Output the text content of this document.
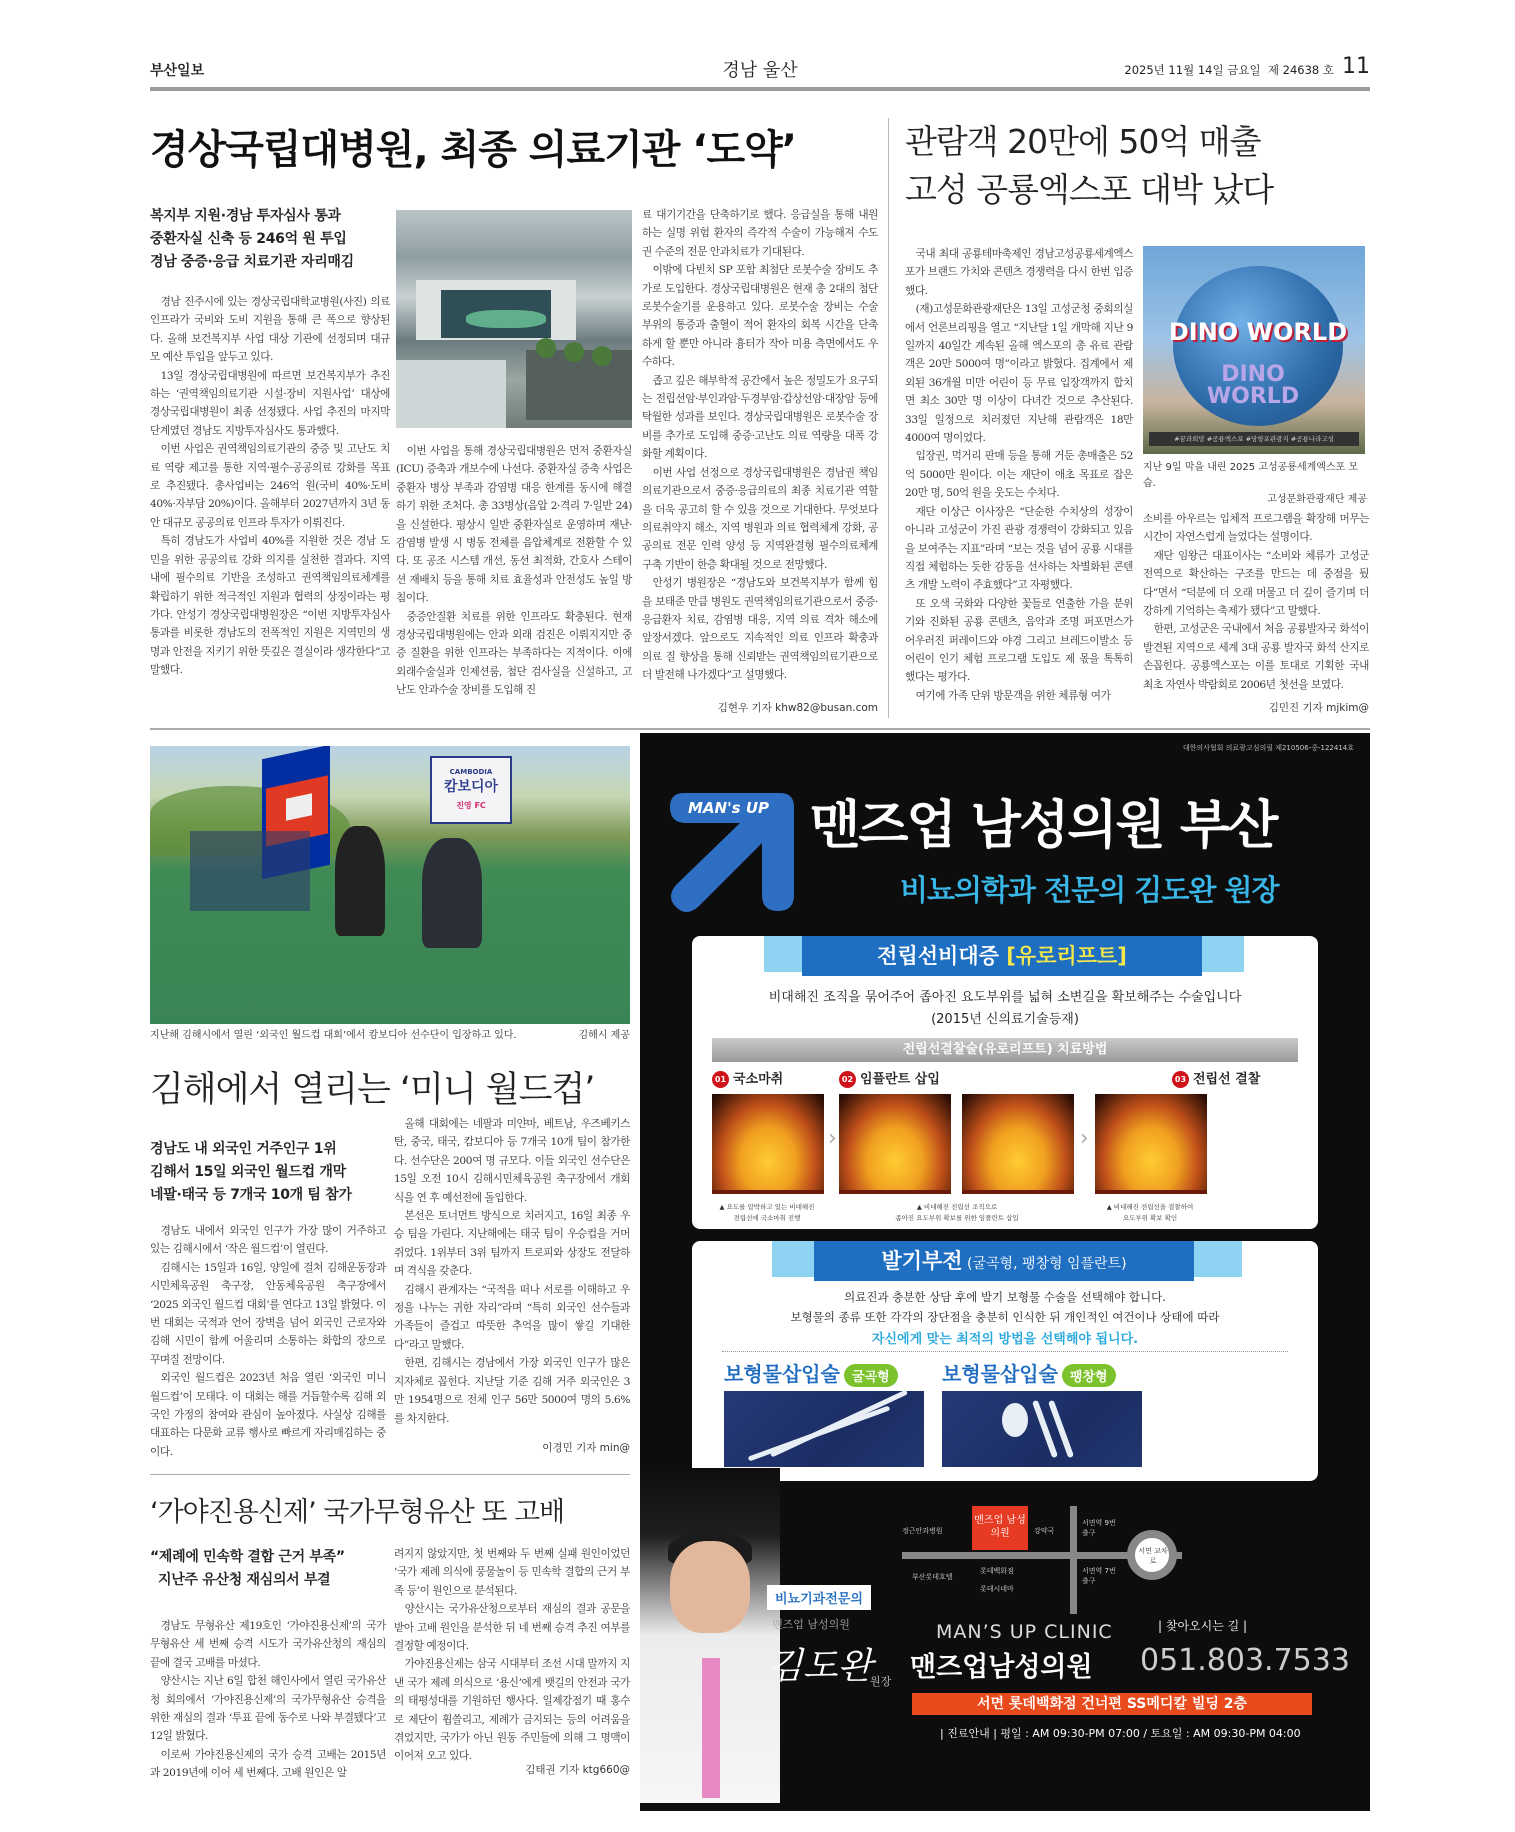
부산일보	경남 울산	2025년 11월 14일 금요일 제 24638 호 11
경상국립대병원, 최종 의료기관 ‘도약’
복지부 지원·경남 투자심사 통과
중환자실 신축 등 246억 원 투입
경남 중증·응급 치료기관 자리매김

경남 진주시에 있는 경상국립대학교병원(사진) 의료 인프라가 국비와 도비 지원을 통해 큰 폭으로 향상된다. 올해 보건복지부 사업 대상 기관에 선정되며 대규모 예산 투입을 앞두고 있다.

13일 경상국립대병원에 따르면 보건복지부가 추진하는 ‘권역책임의료기관 시설·장비 지원사업’ 대상에 경상국립대병원이 최종 선정됐다. 사업 추진의 마지막 단계였던 경남도 지방투자심사도 통과했다.

이번 사업은 권역책임의료기관의 중증 및 고난도 치료 역량 제고를 통한 지역·필수·공공의료 강화를 목표로 추진됐다. 총사업비는 246억 원(국비 40%·도비 40%·자부담 20%)이다. 올해부터 2027년까지 3년 동안 대규모 공공의료 인프라 투자가 이뤄진다.

특히 경남도가 사업비 40%를 지원한 것은 경남 도민을 위한 공공의료 강화 의지를 실천한 결과다. 지역 내에 필수의료 기반을 조성하고 권역책임의료체계를 확립하기 위한 적극적인 지원과 협력의 상징이라는 평가다. 안성기 경상국립대병원장은 “이번 지방투자심사 통과를 비롯한 경남도의 전폭적인 지원은 지역민의 생명과 안전을 지키기 위한 뜻깊은 결실이라 생각한다”고 말했다.

이번 사업을 통해 경상국립대병원은 먼저 중환자실(ICU) 증축과 개보수에 나선다. 중환자실 증축 사업은 중환자 병상 부족과 감염병 대응 한계를 동시에 해결하기 위한 조처다. 총 33병상(음압 2·격리 7·일반 24)을 신설한다. 평상시 일반 중환자실로 운영하며 재난·감염병 발생 시 병동 전체를 음압체계로 전환할 수 있다. 또 공조 시스템 개선, 동선 최적화, 간호사 스테이션 재배치 등을 통해 치료 효율성과 안전성도 높일 방침이다.

중증안질환 치료를 위한 인프라도 확충된다. 현재 경상국립대병원에는 안과 외래 검진은 이뤄지지만 중증 질환을 위한 인프라는 부족하다는 지적이다. 이에 외래수술실과 인제션룸, 첨단 검사실을 신설하고, 고난도 안과수술 장비를 도입해 진

료 대기기간을 단축하기로 했다. 응급실을 통해 내원하는 실명 위험 환자의 즉각적 수술이 가능해져 수도권 수준의 전문 안과치료가 기대된다.

이밖에 다빈치 SP 포함 최첨단 로봇수술 장비도 추가로 도입한다. 경상국립대병원은 현재 총 2대의 첨단 로봇수술기를 운용하고 있다. 로봇수술 장비는 수술 부위의 통증과 출혈이 적어 환자의 회복 시간을 단축하게 할 뿐만 아니라 흉터가 작아 미용 측면에서도 우수하다.

좁고 깊은 해부학적 공간에서 높은 정밀도가 요구되는 전립선암·부인과암·두경부암·갑상선암·대장암 등에 탁월한 성과를 보인다. 경상국립대병원은 로봇수술 장비를 추가로 도입해 중증·고난도 의료 역량을 대폭 강화할 계획이다.

이번 사업 선정으로 경상국립대병원은 경남권 책임의료기관으로서 중증·응급의료의 최종 치료기관 역할을 더욱 공고히 할 수 있을 것으로 기대한다. 무엇보다 의료취약지 해소, 지역 병원과 의료 협력체계 강화, 공공의료 전문 인력 양성 등 지역완결형 필수의료체계 구축 기반이 한층 확대될 것으로 전망했다.

안성기 병원장은 “경남도와 보건복지부가 함께 힘을 보태준 만큼 병원도 권역책임의료기관으로서 중증·응급환자 치료, 감염병 대응, 지역 의료 격차 해소에 앞장서겠다. 앞으로도 지속적인 의료 인프라 확충과 의료 질 향상을 통해 신뢰받는 권역책임의료기관으로 더 발전해 나가겠다”고 설명했다.

김현우 기자 khw82@busan.com
관람객 20만에 50억 매출
고성 공룡엑스포 대박 났다

국내 최대 공룡테마축제인 경남고성공룡세계엑스포가 브랜드 가치와 콘텐츠 경쟁력을 다시 한번 입증했다.

(재)고성문화관광재단은 13일 고성군청 중회의실에서 언론브리핑을 열고 “지난달 1일 개막해 지난 9일까지 40일간 계속된 올해 엑스포의 총 유료 관람객은 20만 5000여 명”이라고 밝혔다. 집계에서 제외된 36개월 미만 어린이 등 무료 입장객까지 합치면 최소 30만 명 이상이 다녀간 것으로 추산된다. 33일 일정으로 치러졌던 지난해 관람객은 18만 4000여 명이었다.

입장권, 먹거리 판매 등을 통해 거둔 총매출은 52억 5000만 원이다. 이는 재단이 애초 목표로 잡은 20만 명, 50억 원을 웃도는 수치다.

재단 이상근 이사장은 “단순한 수치상의 성장이 아니라 고성군이 가진 관광 경쟁력이 강화되고 있음을 보여주는 지표”라며 “보는 것을 넘어 공룡 시대를 직접 체험하는 듯한 감동을 선사하는 차별화된 콘텐츠 개발 노력이 주효했다”고 자평했다.

또 오색 국화와 다양한 꽃들로 연출한 가을 분위기와 진화된 공룡 콘텐츠, 음악과 조명 퍼포먼스가 어우러진 퍼레이드와 야경 그리고 브레드이발소 등 어린이 인기 체험 프로그램 도입도 제 몫을 톡톡히 했다는 평가다.

여기에 가족 단위 방문객을 위한 체류형 여가

DINO WORLD
DINO WORLD
#꿈과희망 #공룡엑스포 #당항포관광지 #공룡나라고성
지난 9일 막을 내린 2025 고성공룡세계엑스포 모습.
고성문화관광재단 제공

소비를 아우르는 입체적 프로그램을 확장해 머무는 시간이 자연스럽게 늘었다는 설명이다.

재단 임왕근 대표이사는 “소비와 체류가 고성군 전역으로 확산하는 구조를 만드는 데 중점을 뒀다”면서 “덕분에 더 오래 머물고 더 깊이 즐기며 더 강하게 기억하는 축제가 됐다”고 말했다.

한편, 고성군은 국내에서 처음 공룡발자국 화석이 발견된 지역으로 세계 3대 공룡 발자국 화석 산지로 손꼽힌다. 공룡엑스포는 이를 토대로 기획한 국내 최초 자연사 박람회로 2006년 첫선을 보였다.

김민진 기자 mjkim@
CAMBODIA
캄보디아
진영 FC
지난해 김해시에서 열린 ‘외국인 월드컵 대회’에서 캄보디아 선수단이 입장하고 있다.	김해시 제공
김해에서 열리는 ‘미니 월드컵’
경남도 내 외국인 거주인구 1위
김해서 15일 외국인 월드컵 개막
네팔·태국 등 7개국 10개 팀 참가

경남도 내에서 외국인 인구가 가장 많이 거주하고 있는 김해시에서 ‘작은 월드컵’이 열린다.

김해시는 15일과 16일, 양일에 걸쳐 김해운동장과 시민체육공원 축구장, 안동체육공원 축구장에서 ‘2025 외국인 월드컵 대회’를 연다고 13일 밝혔다. 이번 대회는 국적과 언어 장벽을 넘어 외국인 근로자와 김해 시민이 함께 어울리며 소통하는 화합의 장으로 꾸며질 전망이다.

외국인 월드컵은 2023년 처음 열린 ‘외국인 미니 월드컵’이 모태다. 이 대회는 해를 거듭할수록 김해 외국인 가정의 참여와 관심이 높아졌다. 사실상 김해를 대표하는 다문화 교류 행사로 빠르게 자리매김하는 중이다.

올해 대회에는 네팔과 미얀마, 베트남, 우즈베키스탄, 중국, 태국, 캄보디아 등 7개국 10개 팀이 참가한다. 선수단은 200여 명 규모다. 이들 외국인 선수단은 15일 오전 10시 김해시민체육공원 축구장에서 개회식을 연 후 예선전에 돌입한다.

본선은 토너먼트 방식으로 치러지고, 16일 최종 우승 팀을 가린다. 지난해에는 태국 팀이 우승컵을 거머쥐었다. 1위부터 3위 팀까지 트로피와 상장도 전달하며 격식을 갖춘다.

김해시 관계자는 “국적을 떠나 서로를 이해하고 우정을 나누는 귀한 자리”라며 “특히 외국인 선수들과 가족들이 즐겁고 따뜻한 추억을 많이 쌓길 기대한다”라고 말했다.

한편, 김해시는 경남에서 가장 외국인 인구가 많은 지자체로 꼽힌다. 지난달 기준 김해 거주 외국인은 3만 1954명으로 전체 인구 56만 5000여 명의 5.6%를 차지한다.

이경민 기자 min@
‘가야진용신제’ 국가무형유산 또 고배
“제례에 민속학 결합 근거 부족”
지난주 유산청 재심의서 부결

경남도 무형유산 제19호인 ‘가야진용신제’의 국가무형유산 세 번째 승격 시도가 국가유산청의 재심의 끝에 결국 고배를 마셨다.

양산시는 지난 6일 합천 해인사에서 열린 국가유산청 회의에서 ‘가야진용신제’의 국가무형유산 승격을 위한 재심의 결과 ‘투표 끝에 동수로 나와 부결됐다’고 12일 밝혔다.

이로써 가야진용신제의 국가 승격 고배는 2015년과 2019년에 이어 세 번째다. 고배 원인은 알

려지지 않았지만, 첫 번째와 두 번째 실패 원인이었던 ‘국가 제례 의식에 풍물놀이 등 민속학 결합의 근거 부족 등’이 원인으로 분석된다.

양산시는 국가유산청으로부터 재심의 결과 공문을 받아 고배 원인을 분석한 뒤 네 번째 승격 추진 여부를 결정할 예정이다.

가야진용신제는 삼국 시대부터 조선 시대 말까지 지낸 국가 제례 의식으로 ‘용신’에게 뱃길의 안전과 국가의 태평성대를 기원하던 행사다. 일제강점기 때 홍수로 제단이 휩쓸리고, 제례가 금지되는 등의 어려움을 겪었지만, 국가가 아닌 원동 주민들에 의해 그 명맥이 이어져 오고 있다.

김태권 기자 ktg660@
대한의사협회 의료광고심의필 제210506-중-122414호
MAN's UP 맨즈업 남성의원 부산
비뇨의학과 전문의 김도완 원장
전립선비대증 [유로리프트]
비대해진 조직을 묶어주어 좁아진 요도부위를 넓혀 소변길을 확보해주는 수술입니다
(2015년 신의료기술등재)
전립선결찰술(유로리프트) 치료방법
01 국소마취	02 임플란트 삽입	03 전립선 결찰
›	›
▲ 요도를 압박하고 있는 비대해진
전립선에 국소마취 진행
▲ 비대해진 전립선 조직으로
좁아진 요도부위 확보를 위한 임플란트 삽입
▲ 비대해진 전립선을 결찰하여
요도부위 확보 확인
발기부전 (굴곡형, 팽창형 임플란트)
의료진과 충분한 상담 후에 발기 보형물 수술을 선택해야 합니다.
보형물의 종류 또한 각각의 장단점을 충분히 인식한 뒤 개인적인 여건이나 상태에 따라
자신에게 맞는 최적의 방법을 선택해야 됩니다.
보형물삽입술 굴곡형	보형물삽입술 팽창형
비뇨기과전문의
맨즈업 남성의원
김도완
원장
맨즈업 남성의원
정근안과병원	강약국
서면역 9번출구
부산롯데호텔
롯데백화점
롯데시네마
서면역 7번출구
서면 교차로
| 찾아오시는 길 |
MAN’S UP CLINIC
맨즈업남성의원 051.803.7533
서면 롯데백화점 건너편 SS메디칼 빌딩 2층
| 진료안내 | 평일 : AM 09:30-PM 07:00 / 토요일 : AM 09:30-PM 04:00
